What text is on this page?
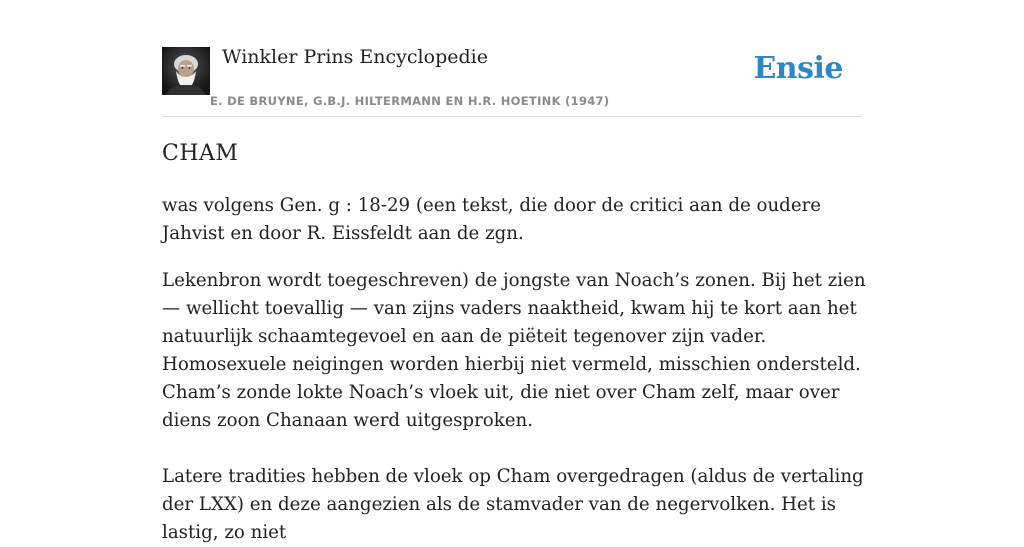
Winkler Prins Encyclopedie
E. DE BRUYNE, G.B.J. HILTERMANN EN H.R. HOETINK (1947)
Ensie
CHAM

was volgens Gen. g : 18-29 (een tekst, die door de critici aan de oudere Jahvist en door R. Eissfeldt aan de zgn.

Lekenbron wordt toegeschreven) de jongste van Noach’s zonen. Bij het zien — wellicht toevallig — van zijns vaders naaktheid, kwam hij te kort aan het natuurlijk schaamtegevoel en aan de piëteit tegenover zijn vader. Homosexuele neigingen worden hierbij niet vermeld, misschien ondersteld. Cham’s zonde lokte Noach’s vloek uit, die niet over Cham zelf, maar over diens zoon Chanaan werd uitgesproken.

Latere tradities hebben de vloek op Cham overgedragen (aldus de vertaling der LXX) en deze aangezien als de stamvader van de negervolken. Het is lastig, zo niet
